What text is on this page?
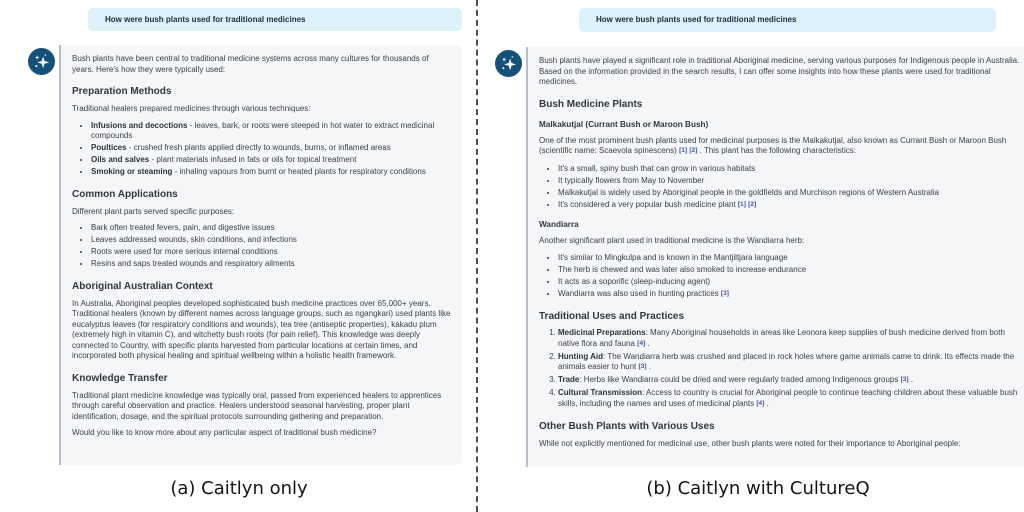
How were bush plants used for traditional medicines

Bush plants have been central to traditional medicine systems across many cultures for thousands of years. Here's how they were typically used:

Preparation Methods

Traditional healers prepared medicines through various techniques:

• Infusions and decoctions - leaves, bark, or roots were steeped in hot water to extract medicinal compounds
• Poultices - crushed fresh plants applied directly to wounds, burns, or inflamed areas
• Oils and salves - plant materials infused in fats or oils for topical treatment
• Smoking or steaming - inhaling vapours from burnt or heated plants for respiratory conditions
Common Applications

Different plant parts served specific purposes:

• Bark often treated fevers, pain, and digestive issues
• Leaves addressed wounds, skin conditions, and infections
• Roots were used for more serious internal conditions
• Resins and saps treated wounds and respiratory ailments
Aboriginal Australian Context

In Australia, Aboriginal peoples developed sophisticated bush medicine practices over 65,000+ years. Traditional healers (known by different names across language groups, such as ngangkari) used plants like eucalyptus leaves (for respiratory conditions and wounds), tea tree (antiseptic properties), kakadu plum (extremely high in vitamin C), and witchetty bush roots (for pain relief). This knowledge was deeply connected to Country, with specific plants harvested from particular locations at certain times, and incorporated both physical healing and spiritual wellbeing within a holistic health framework.

Knowledge Transfer

Traditional plant medicine knowledge was typically oral, passed from experienced healers to apprentices through careful observation and practice. Healers understood seasonal harvesting, proper plant identification, dosage, and the spiritual protocols surrounding gathering and preparation.

Would you like to know more about any particular aspect of traditional bush medicine?

(a) Caitlyn only
How were bush plants used for traditional medicines

Bush plants have played a significant role in traditional Aboriginal medicine, serving various purposes for Indigenous people in Australia. Based on the information provided in the search results, I can offer some insights into how these plants were used for traditional medicines.

Bush Medicine Plants
Malkakutjal (Currant Bush or Maroon Bush)

One of the most prominent bush plants used for medicinal purposes is the Malkakutjal, also known as Currant Bush or Maroon Bush (scientific name: Scaevola spinescens) [1] [2] . This plant has the following characteristics:

• It's a small, spiny bush that can grow in various habitats
• It typically flowers from May to November
• Malkakutjal is widely used by Aboriginal people in the goldfields and Murchison regions of Western Australia
• It's considered a very popular bush medicine plant [1] [2]
Wandiarra

Another significant plant used in traditional medicine is the Wandiarra herb:

• It's similar to Mingkulpa and is known in the Mantjiltjara language
• The herb is chewed and was later also smoked to increase endurance
• It acts as a soporific (sleep-inducing agent)
• Wandiarra was also used in hunting practices [3]
Traditional Uses and Practices
1. Medicinal Preparations: Many Aboriginal households in areas like Leonora keep supplies of bush medicine derived from both native flora and fauna [4] .
2. Hunting Aid: The Wandiarra herb was crushed and placed in rock holes where game animals came to drink. Its effects made the animals easier to hunt [3] .
3. Trade: Herbs like Wandiarra could be dried and were regularly traded among Indigenous groups [3] .
4. Cultural Transmission: Access to country is crucial for Aboriginal people to continue teaching children about these valuable bush skills, including the names and uses of medicinal plants [4] .
Other Bush Plants with Various Uses

While not explicitly mentioned for medicinal use, other bush plants were noted for their importance to Aboriginal people:

(b) Caitlyn with CultureQ
